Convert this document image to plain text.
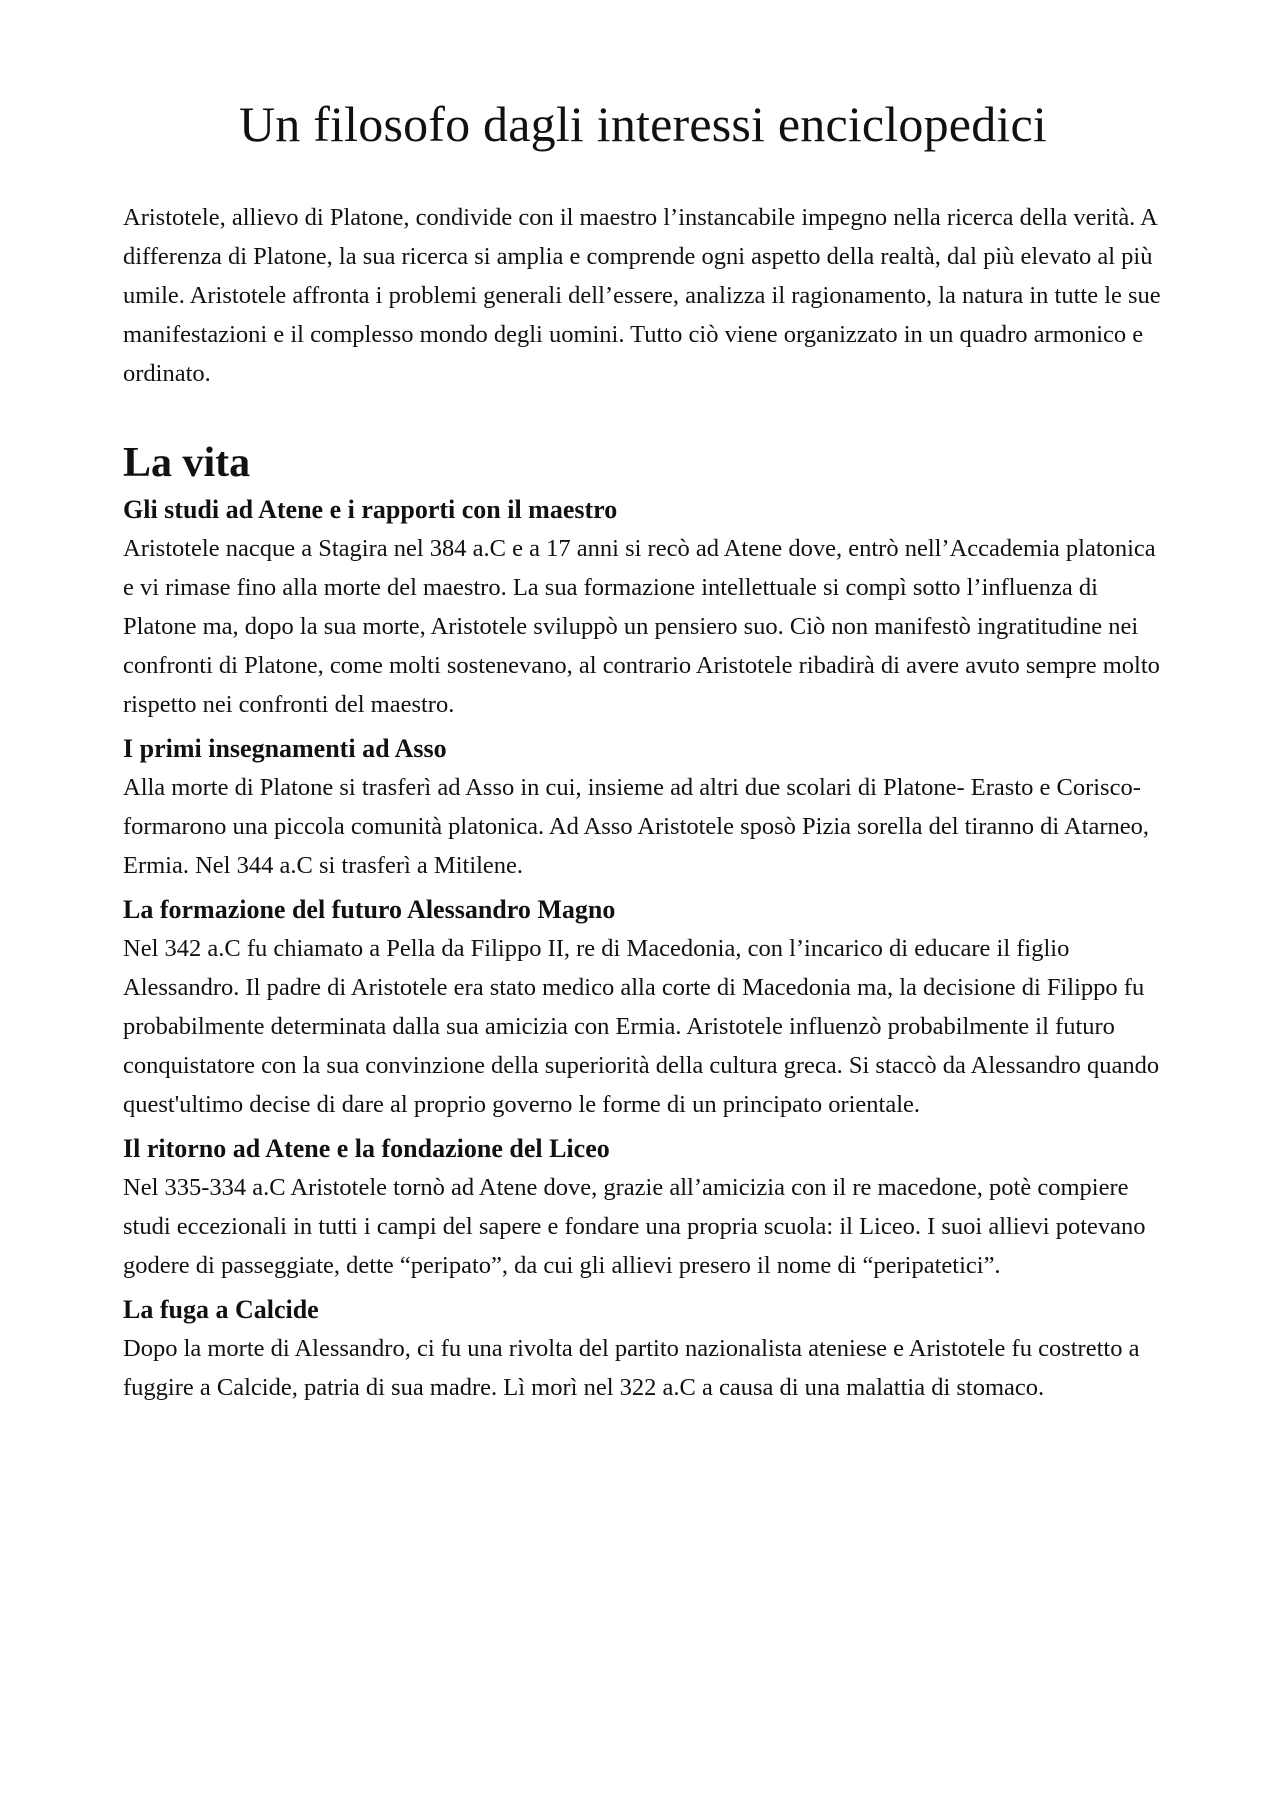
Un filosofo dagli interessi enciclopedici

Aristotele, allievo di Platone, condivide con il maestro l’instancabile impegno nella ricerca della verità. A differenza di Platone, la sua ricerca si amplia e comprende ogni aspetto della realtà, dal più elevato al più umile. Aristotele affronta i problemi generali dell’essere, analizza il ragionamento, la natura in tutte le sue manifestazioni e il complesso mondo degli uomini. Tutto ciò viene organizzato in un quadro armonico e ordinato.

La vita
Gli studi ad Atene e i rapporti con il maestro

Aristotele nacque a Stagira nel 384 a.C e a 17 anni si recò ad Atene dove, entrò nell’Accademia platonica e vi rimase fino alla morte del maestro. La sua formazione intellettuale si compì sotto l’influenza di Platone ma, dopo la sua morte, Aristotele sviluppò un pensiero suo. Ciò non manifestò ingratitudine nei confronti di Platone, come molti sostenevano, al contrario Aristotele ribadirà di avere avuto sempre molto rispetto nei confronti del maestro.

I primi insegnamenti ad Asso

Alla morte di Platone si trasferì ad Asso in cui, insieme ad altri due scolari di Platone- Erasto e Corisco- formarono una piccola comunità platonica. Ad Asso Aristotele sposò Pizia sorella del tiranno di Atarneo, Ermia. Nel 344 a.C si trasferì a Mitilene.

La formazione del futuro Alessandro Magno

Nel 342 a.C fu chiamato a Pella da Filippo II, re di Macedonia, con l’incarico di educare il figlio Alessandro. Il padre di Aristotele era stato medico alla corte di Macedonia ma, la decisione di Filippo fu probabilmente determinata dalla sua amicizia con Ermia. Aristotele influenzò probabilmente il futuro conquistatore con la sua convinzione della superiorità della cultura greca. Si staccò da Alessandro quando quest'ultimo decise di dare al proprio governo le forme di un principato orientale.

Il ritorno ad Atene e la fondazione del Liceo

Nel 335-334 a.C Aristotele tornò ad Atene dove, grazie all’amicizia con il re macedone, potè compiere studi eccezionali in tutti i campi del sapere e fondare una propria scuola: il Liceo. I suoi allievi potevano godere di passeggiate, dette “peripato”, da cui gli allievi presero il nome di “peripatetici”.

La fuga a Calcide

Dopo la morte di Alessandro, ci fu una rivolta del partito nazionalista ateniese e Aristotele fu costretto a fuggire a Calcide, patria di sua madre. Lì morì nel 322 a.C a causa di una malattia di stomaco.
